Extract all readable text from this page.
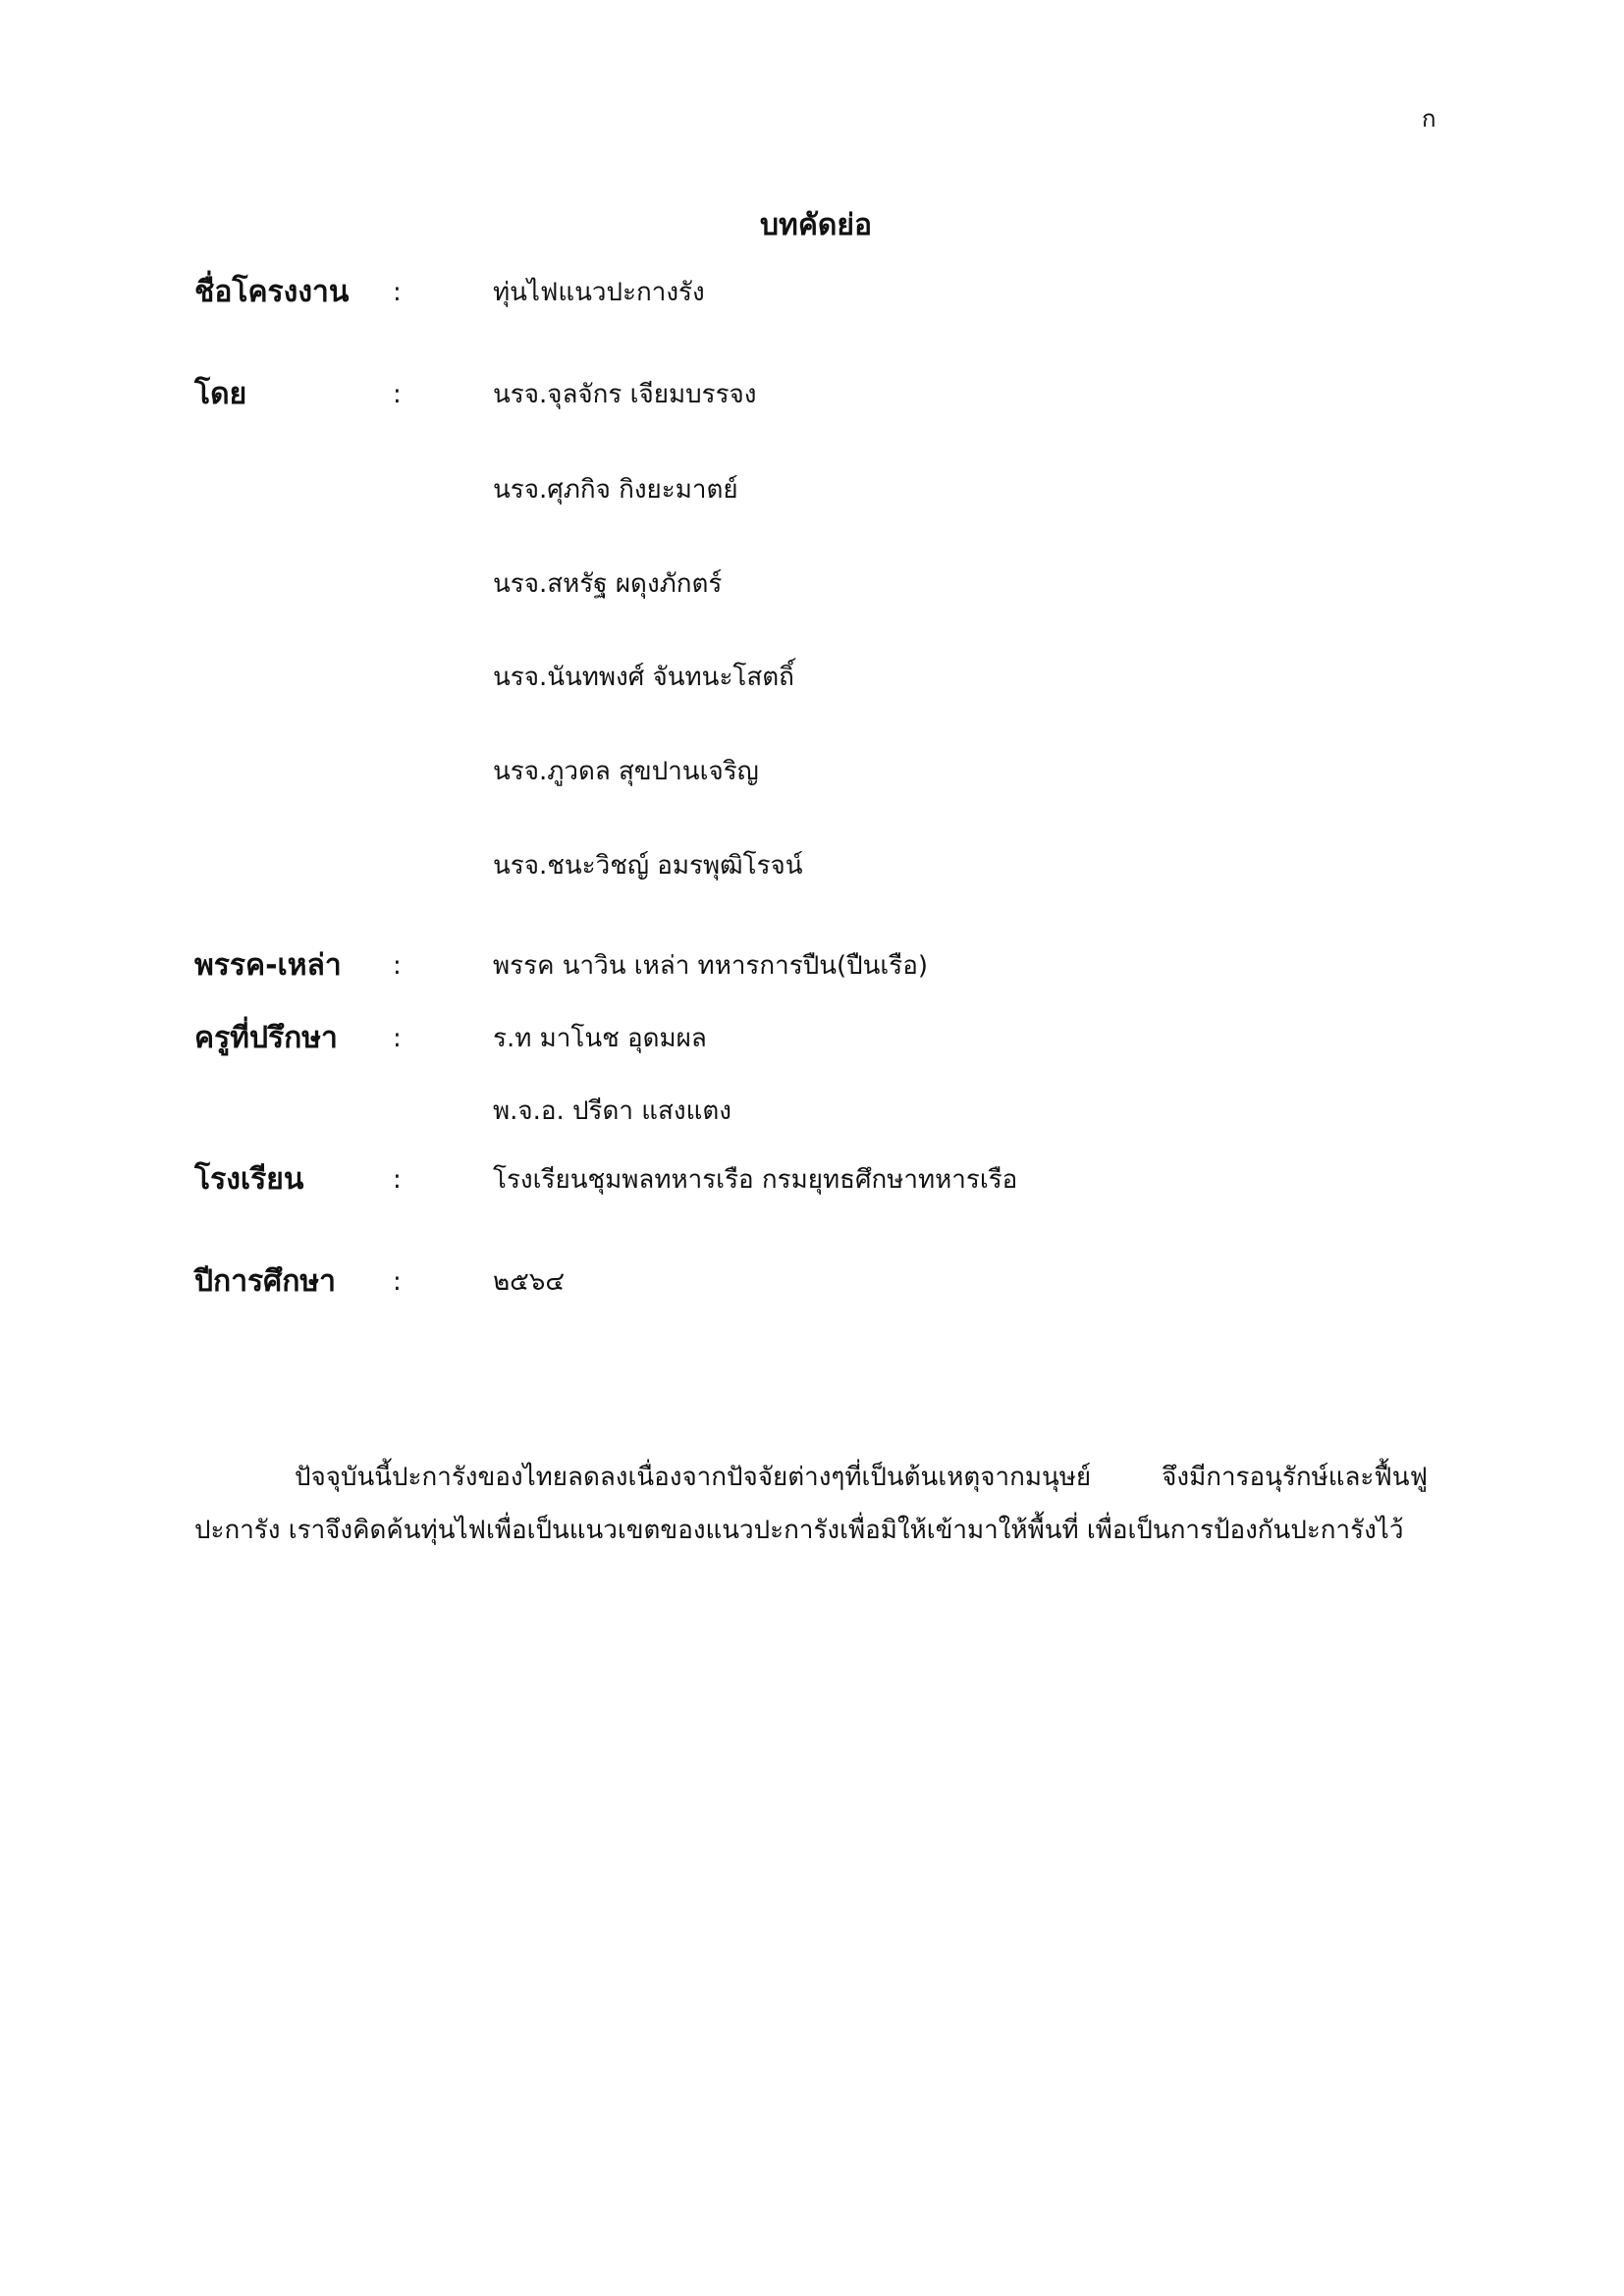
ก
บทคัดย่อ
ชื่อโครงงาน :	ทุ่นไฟแนวปะกางรัง
โดย	:	นรจ.จุลจักร เจียมบรรจง
นรจ.ศุภกิจ กิงยะมาตย์
นรจ.สหรัฐ ผดุงภักตร์
นรจ.นันทพงศ์ จันทนะโสตถิ์
นรจ.ภูวดล สุขปานเจริญ
นรจ.ชนะวิชญ์ อมรพุฒิโรจน์
พรรค-เหล่า :	พรรค นาวิน เหล่า ทหารการปืน(ปืนเรือ)
ครูที่ปรึกษา :	ร.ท มาโนช อุดมผล
พ.จ.อ. ปรีดา แสงแตง
โรงเรียน	:	โรงเรียนชุมพลทหารเรือ กรมยุทธศึกษาทหารเรือ
ปีการศึกษา :	๒๕๖๔

ปัจจุบันนี้ปะการังของไทยลดลงเนื่องจากปัจจัยต่างๆที่เป็นต้นเหตุจากมนุษย์ จึงมีการอนุรักษ์และฟื้นฟูปะการัง เราจึงคิดค้นทุ่นไฟเพื่อเป็นแนวเขตของแนวปะการังเพื่อมิให้เข้ามาให้พื้นที่ เพื่อเป็นการป้องกันปะการังไว้
